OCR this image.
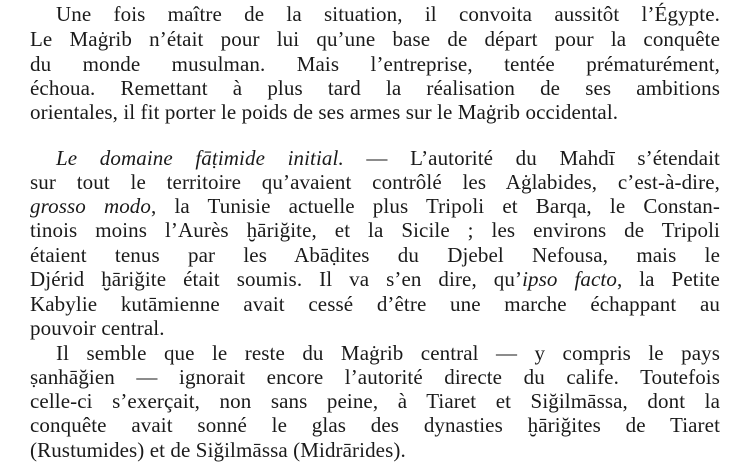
Une fois maître de la situation, il convoita aussitôt l’Égypte.
Le Maġrib n’était pour lui qu’une base de départ pour la conquête
du monde musulman. Mais l’entreprise, tentée prématurément,
échoua. Remettant à plus tard la réalisation de ses ambitions
orientales, il fit porter le poids de ses armes sur le Maġrib occidental.
Le domaine fāṭimide initial. — L’autorité du Mahdī s’étendait
sur tout le territoire qu’avaient contrôlé les Aġlabides, c’est-à-dire,
grosso modo, la Tunisie actuelle plus Tripoli et Barqa, le Constan-
tinois moins l’Aurès ḫāriğite, et la Sicile ; les environs de Tripoli
étaient tenus par les Abāḍites du Djebel Nefousa, mais le
Djérid ḫāriğite était soumis. Il va s’en dire, qu’ipso facto, la Petite
Kabylie kutāmienne avait cessé d’être une marche échappant au
pouvoir central.
Il semble que le reste du Maġrib central — y compris le pays
ṣanhāğien — ignorait encore l’autorité directe du calife. Toutefois
celle-ci s’exerçait, non sans peine, à Tiaret et Siğilmāssa, dont la
conquête avait sonné le glas des dynasties ḫāriğites de Tiaret
(Rustumides) et de Siğilmāssa (Midrārides).
